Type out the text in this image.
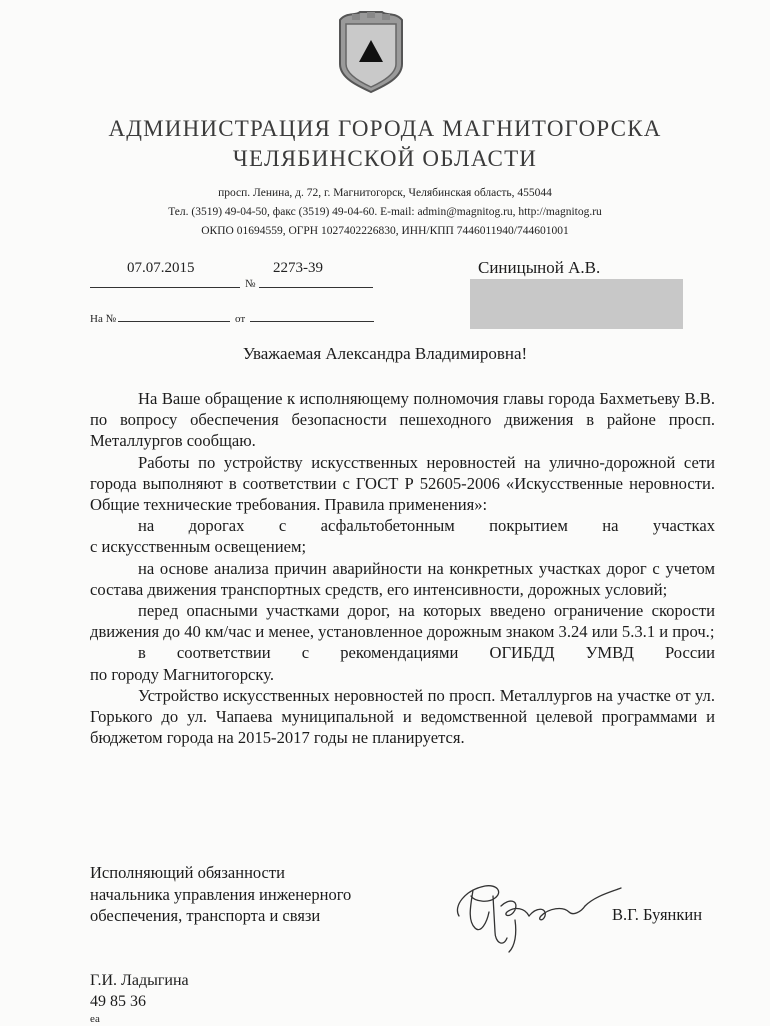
АДМИНИСТРАЦИЯ ГОРОДА МАГНИТОГОРСКА
ЧЕЛЯБИНСКОЙ ОБЛАСТИ
просп. Ленина, д. 72, г. Магнитогорск, Челябинская область, 455044
Тел. (3519) 49-04-50, факс (3519) 49-04-60. E-mail: admin@magnitog.ru, http://magnitog.ru
ОКПО 01694559, ОГРН 1027402226830, ИНН/КПП 7446011940/744601001
07.07.2015
№
2273-39
На №	от
Синицыной А.В.
Уважаемая Александра Владимировна!

На Ваше обращение к исполняющему полномочия главы города Бахметьеву В.В. по вопросу обеспечения безопасности пешеходного движения в районе просп. Металлургов сообщаю.

Работы по устройству искусственных неровностей на улично-дорожной сети города выполняют в соответствии с ГОСТ Р 52605-2006 «Искусственные неровности. Общие технические требования. Правила применения»:

на дорогах с асфальтобетонным покрытием на участках

с искусственным освещением;

на основе анализа причин аварийности на конкретных участках дорог с учетом состава движения транспортных средств, его интенсивности, дорожных условий;

перед опасными участками дорог, на которых введено ограничение скорости движения до 40 км/час и менее, установленное дорожным знаком 3.24 или 5.3.1 и проч.;

в соответствии с рекомендациями ОГИБДД УМВД России

по городу Магнитогорску.

Устройство искусственных неровностей по просп. Металлургов на участке от ул. Горького до ул. Чапаева муниципальной и ведомственной целевой программами и бюджетом города на 2015-2017 годы не планируется.

Исполняющий обязанности
начальника управления инженерного
обеспечения, транспорта и связи	В.Г. Буянкин
Г.И. Ладыгина
49 85 36
еа
